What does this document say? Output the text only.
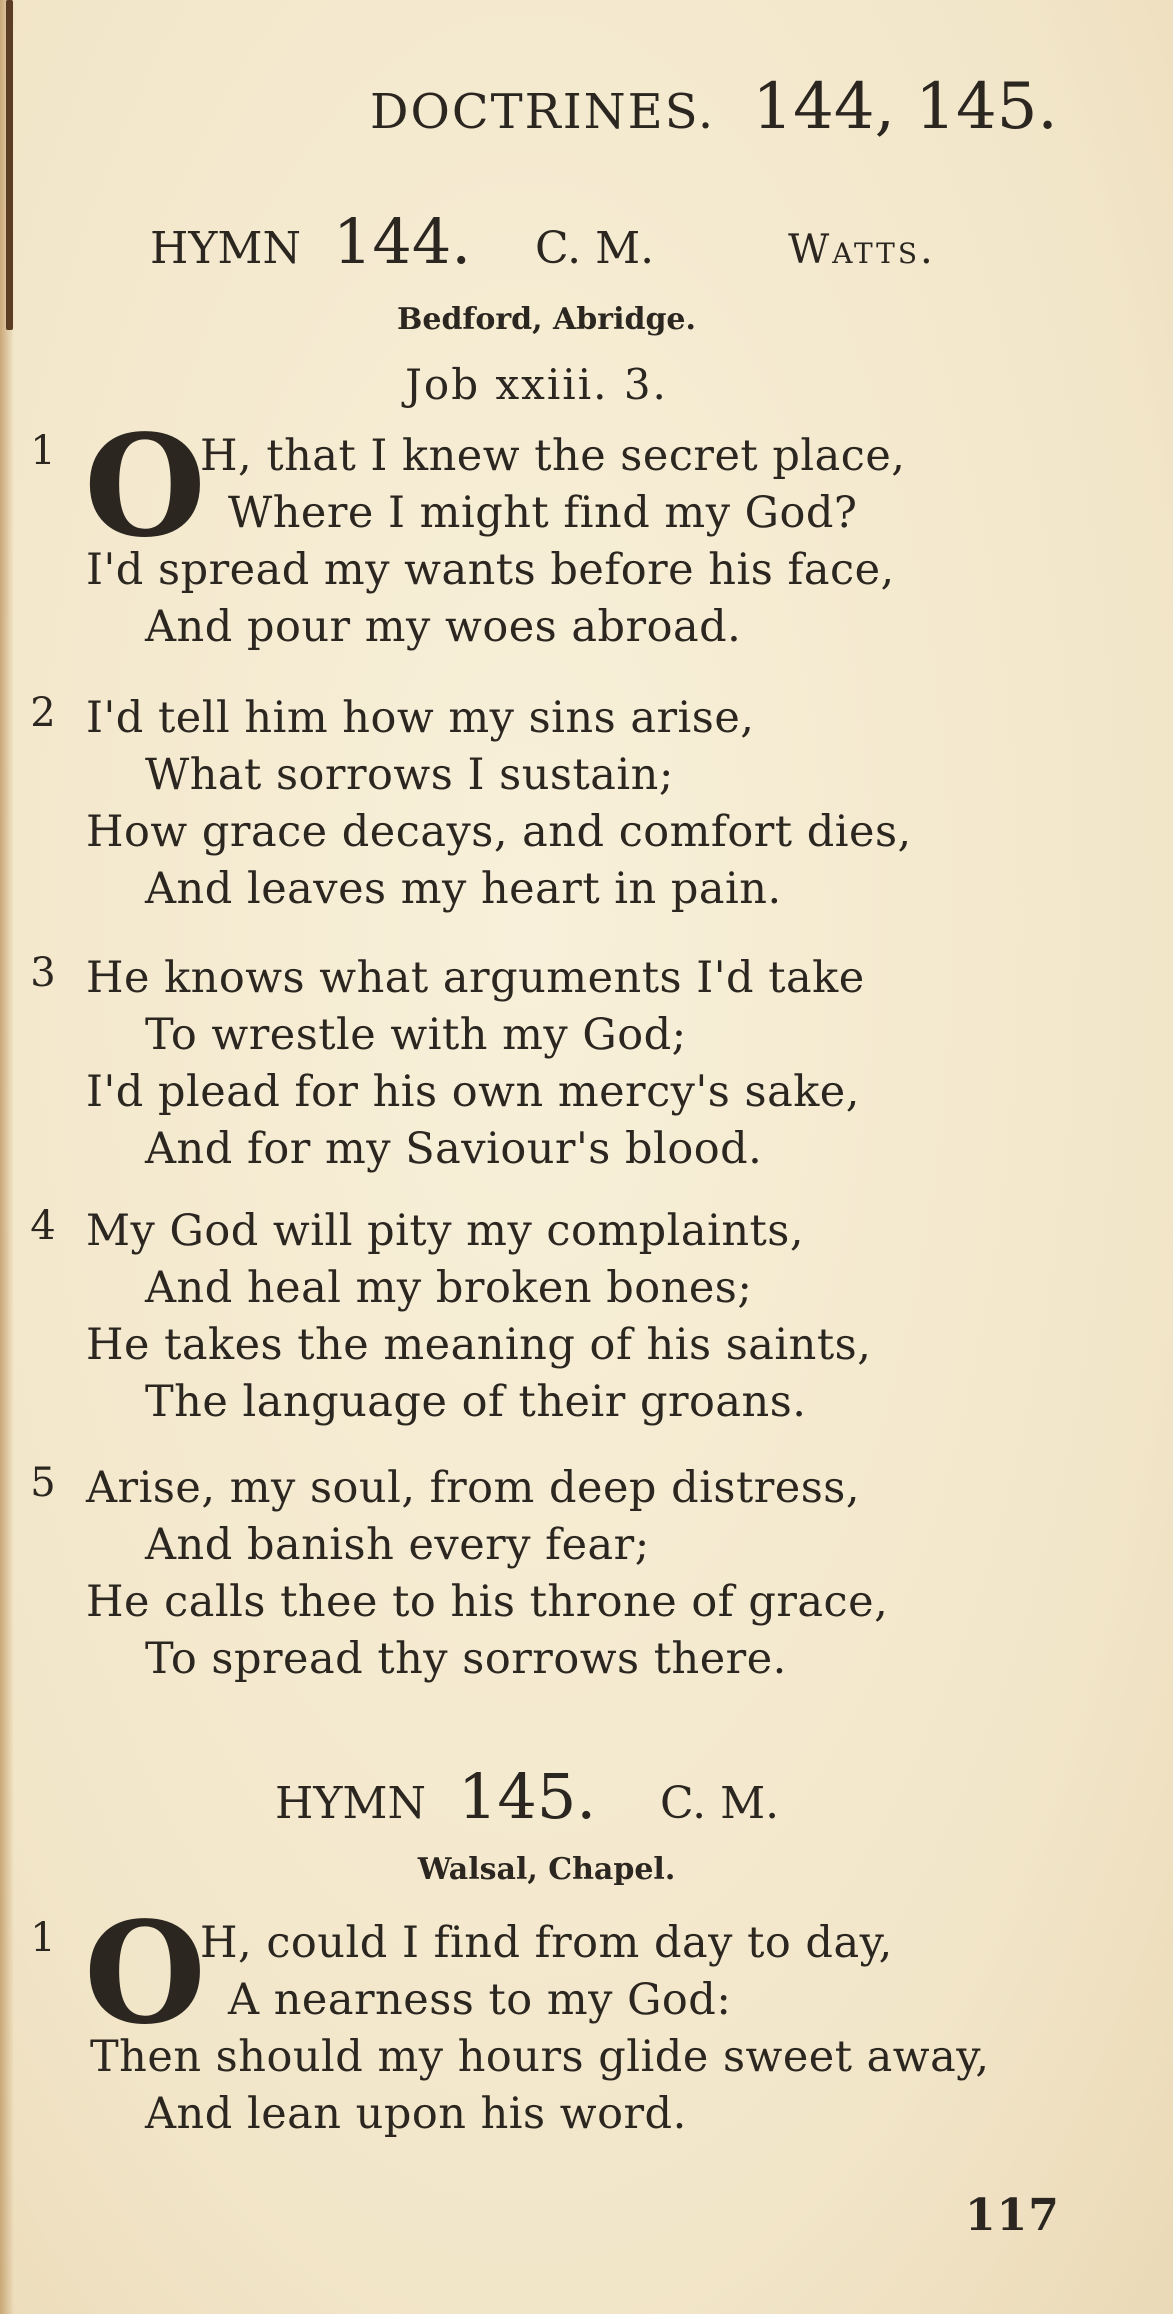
DOCTRINES. 144, 145.
HYMN 144. C. M.	Watts.
Bedford, Abridge.
Job xxiii. 3.
1 O
H, that I knew the secret place,
Where I might find my God?
I'd spread my wants before his face,
And pour my woes abroad.
2 I'd tell him how my sins arise,
What sorrows I sustain;
How grace decays, and comfort dies,
And leaves my heart in pain.
3 He knows what arguments I'd take
To wrestle with my God;
I'd plead for his own mercy's sake,
And for my Saviour's blood.
4 My God will pity my complaints,
And heal my broken bones;
He takes the meaning of his saints,
The language of their groans.
5 Arise, my soul, from deep distress,
And banish every fear;
He calls thee to his throne of grace,
To spread thy sorrows there.
HYMN 145. C. M.
Walsal, Chapel.
1 O
H, could I find from day to day,
A nearness to my God:
Then should my hours glide sweet away,
And lean upon his word.
117
